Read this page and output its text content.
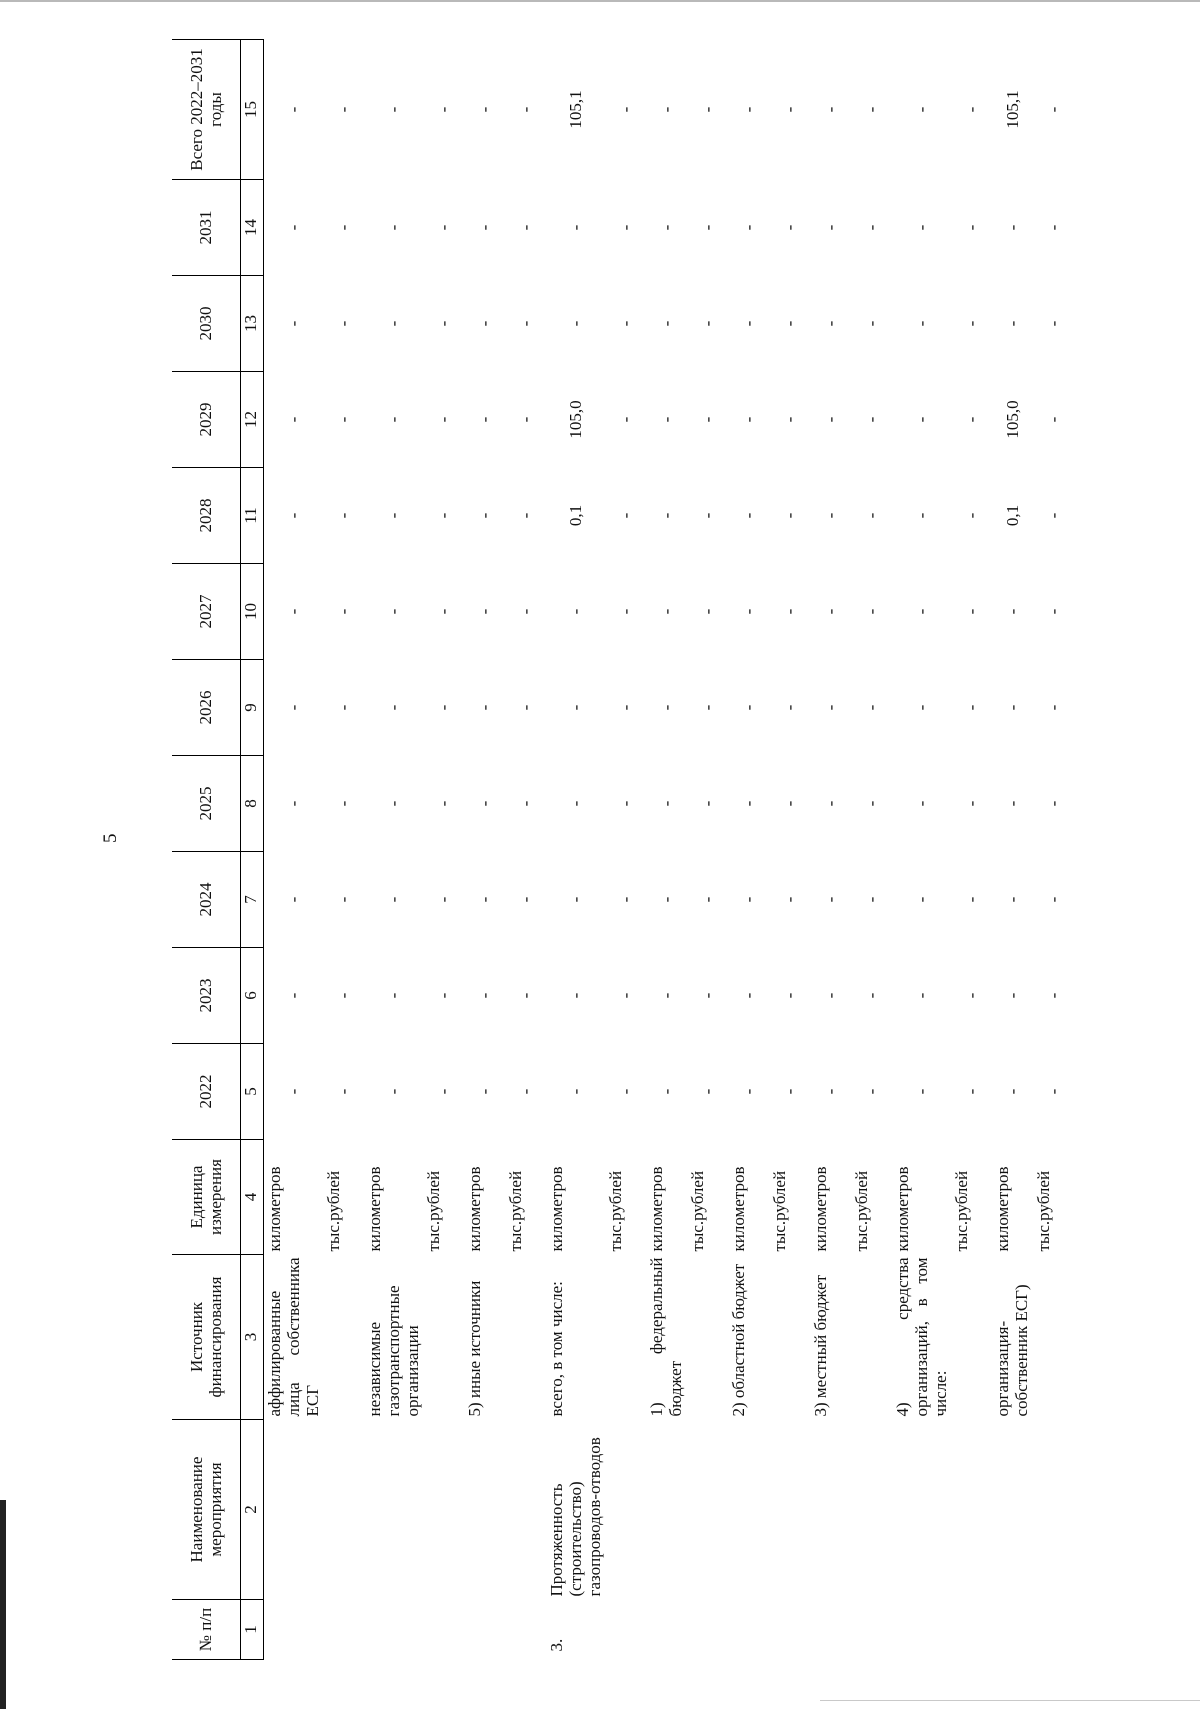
5
№ п/п	Наименование мероприятия	Источник финансирования	Единица измерения	2022	2023	2024	2025	2026	2027	2028	2029	2030	2031	Всего 2022–2031 годы
1	2	3	4	5	6	7	8	9	10	11	12	13	14	15
		аффилированные лица собственника ЕСГ	километров	-	-	-	-	-	-	-	-	-	-	-
			тыс.рублей	-	-	-	-	-	-	-	-	-	-	-
		независимые газотранспортные организации	километров	-	-	-	-	-	-	-	-	-	-	-
			тыс.рублей	-	-	-	-	-	-	-	-	-	-	-
		5) иные источники	километров	-	-	-	-	-	-	-	-	-	-	-
			тыс.рублей	-	-	-	-	-	-	-	-	-	-	-
3.	Протяженность (строительство) газопроводов-отводов	всего, в том числе:	километров	-	-	-	-	-	-	0,1	105,0	-	-	105,1
			тыс.рублей	-	-	-	-	-	-	-	-	-	-	-
		1) федеральный бюджет	километров	-	-	-	-	-	-	-	-	-	-	-
			тыс.рублей	-	-	-	-	-	-	-	-	-	-	-
		2) областной бюджет	километров	-	-	-	-	-	-	-	-	-	-	-
			тыс.рублей	-	-	-	-	-	-	-	-	-	-	-
		3) местный бюджет	километров	-	-	-	-	-	-	-	-	-	-	-
			тыс.рублей	-	-	-	-	-	-	-	-	-	-	-
		4) средства организаций, в том числе:	километров	-	-	-	-	-	-	-	-	-	-	-
			тыс.рублей	-	-	-	-	-	-	-	-	-	-	-
		организация-собственник ЕСГ)	километров	-	-	-	-	-	-	0,1	105,0	-	-	105,1
			тыс.рублей	-	-	-	-	-	-	-	-	-	-	-
